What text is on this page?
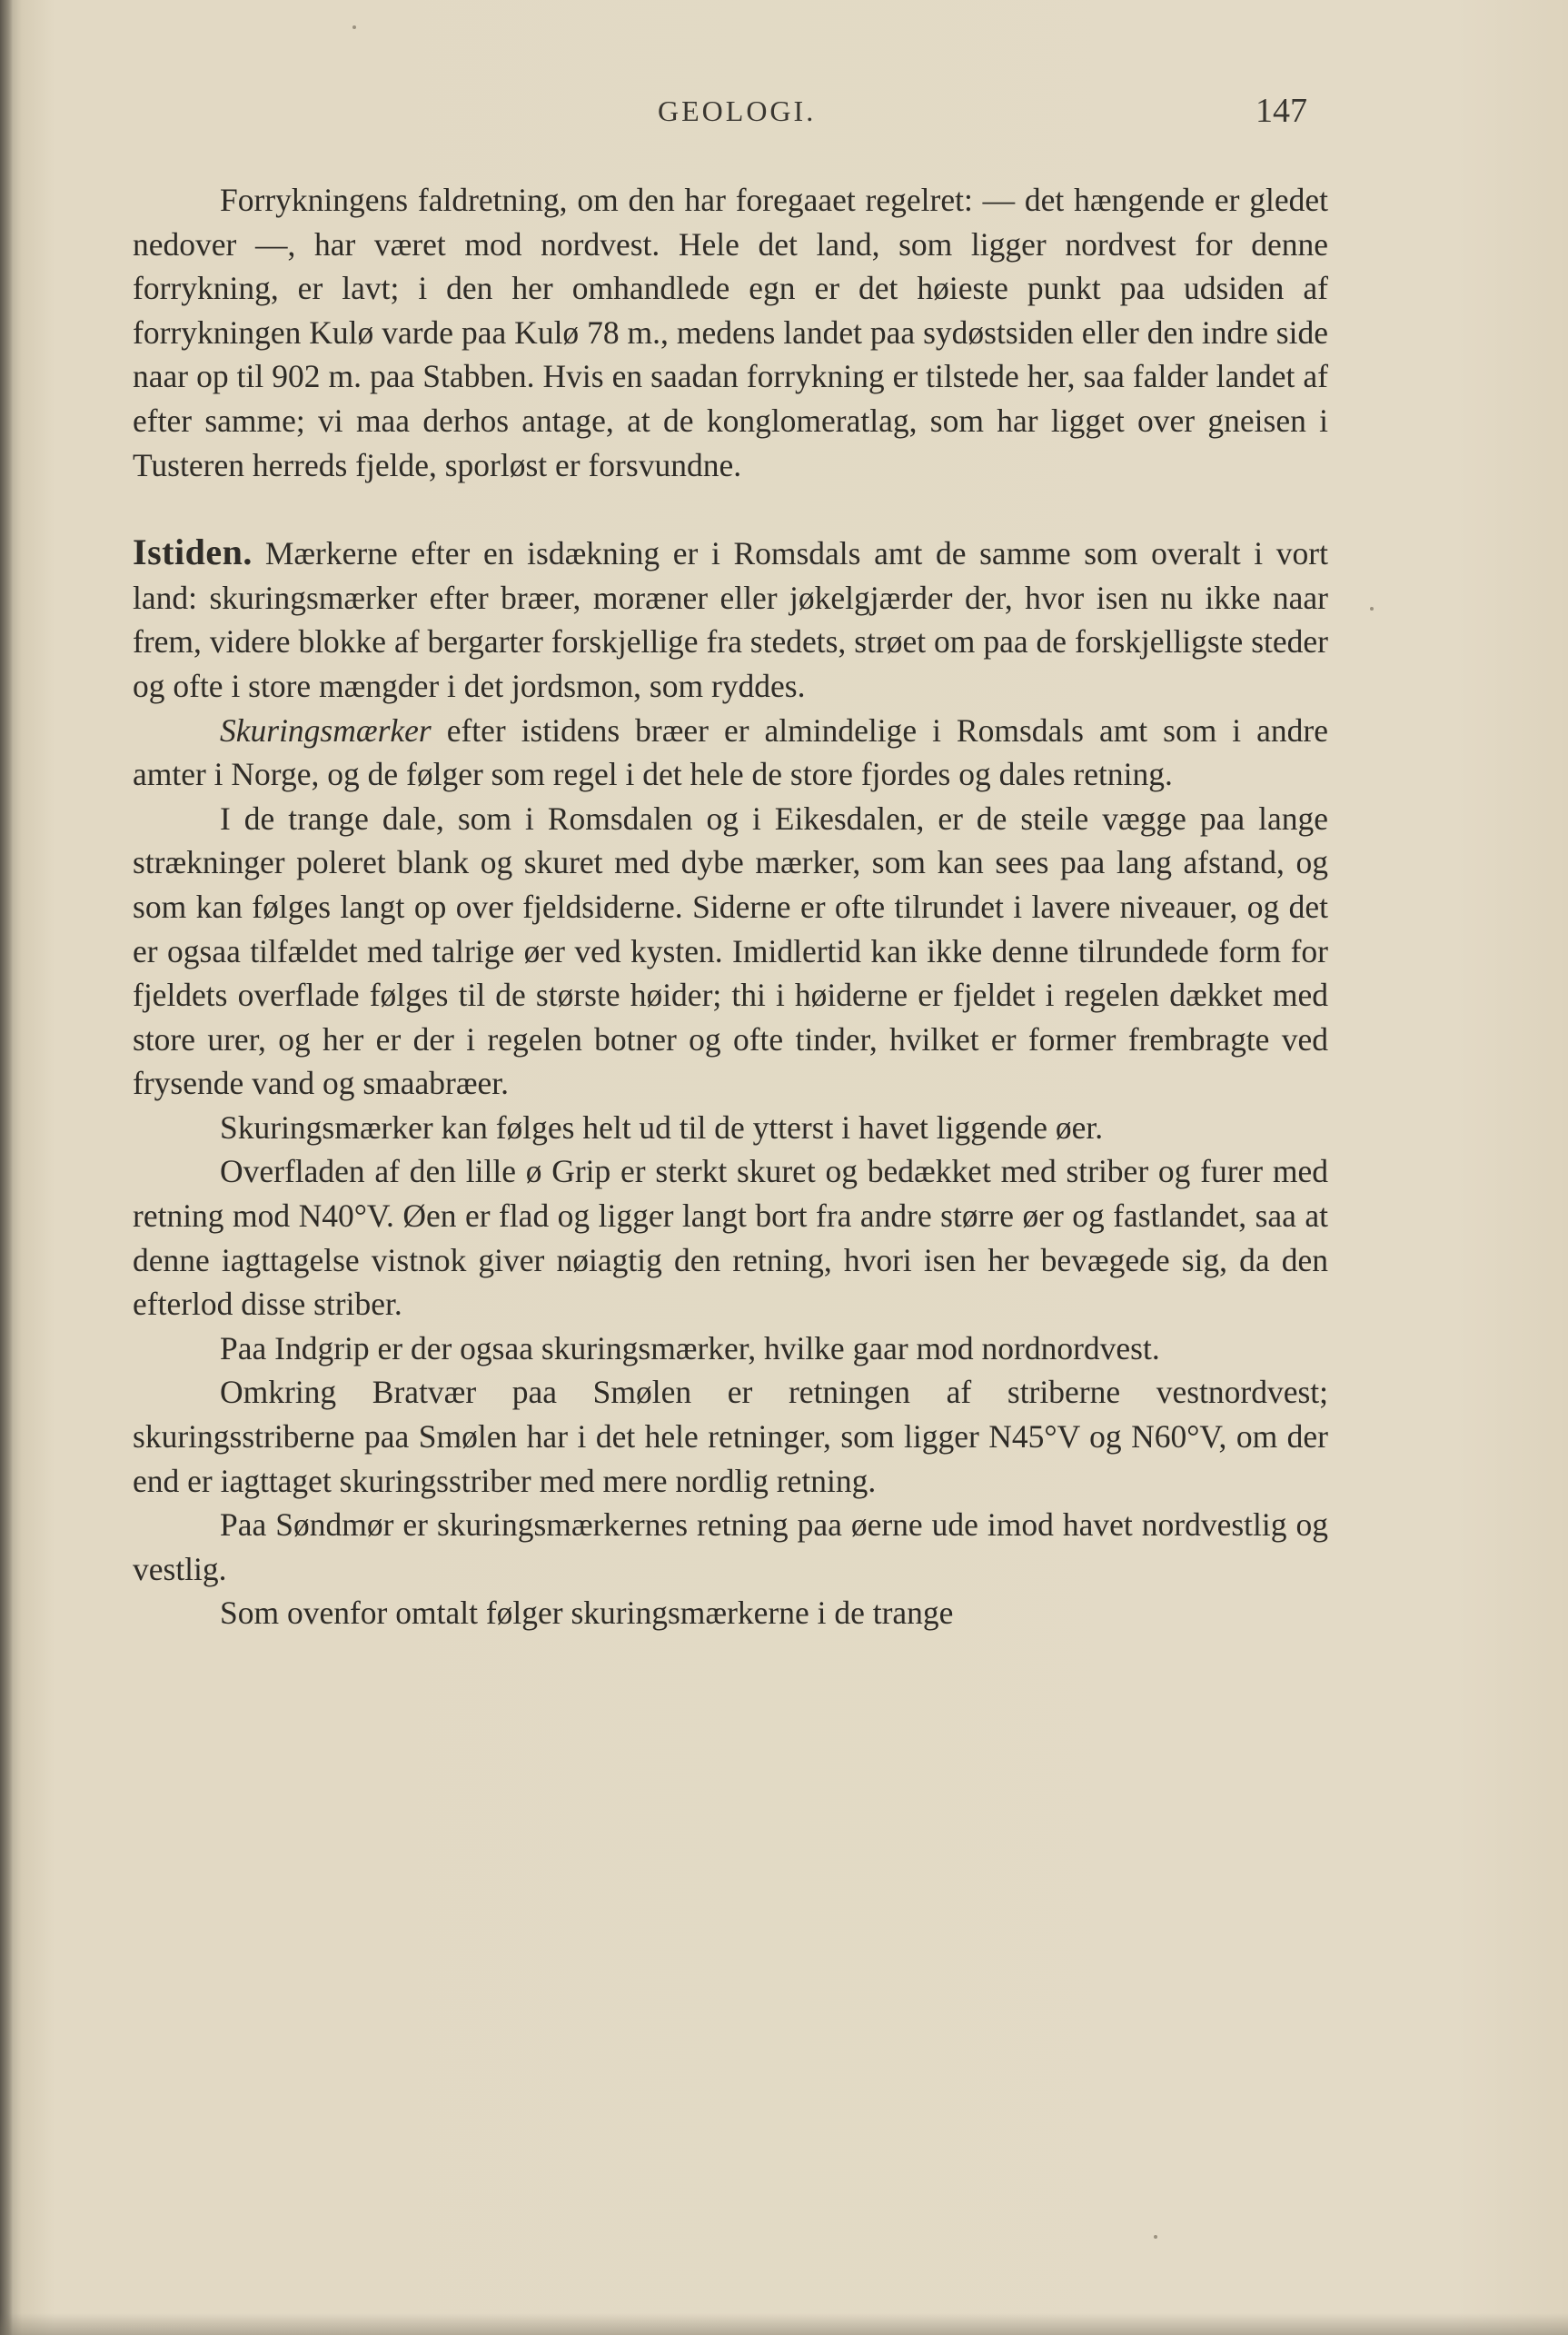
GEOLOGI.	147

Forrykningens faldretning, om den har foregaaet regelret: — det hængende er gledet nedover —, har været mod nordvest. Hele det land, som ligger nordvest for denne forrykning, er lavt; i den her omhandlede egn er det høieste punkt paa udsiden af forrykningen Kulø varde paa Kulø 78 m., medens landet paa sydøstsiden eller den indre side naar op til 902 m. paa Stabben. Hvis en saadan forrykning er tilstede her, saa falder landet af efter samme; vi maa derhos antage, at de konglomeratlag, som har ligget over gneisen i Tusteren herreds fjelde, sporløst er forsvundne.

Istiden. Mærkerne efter en isdækning er i Romsdals amt de samme som overalt i vort land: skuringsmærker efter bræer, moræner eller jøkelgjærder der, hvor isen nu ikke naar frem, videre blokke af bergarter forskjellige fra stedets, strøet om paa de forskjelligste steder og ofte i store mængder i det jordsmon, som ryddes.

Skuringsmærker efter istidens bræer er almindelige i Romsdals amt som i andre amter i Norge, og de følger som regel i det hele de store fjordes og dales retning.

I de trange dale, som i Romsdalen og i Eikesdalen, er de steile vægge paa lange strækninger poleret blank og skuret med dybe mærker, som kan sees paa lang afstand, og som kan følges langt op over fjeldsiderne. Siderne er ofte tilrundet i lavere niveauer, og det er ogsaa tilfældet med talrige øer ved kysten. Imidlertid kan ikke denne tilrundede form for fjeldets overflade følges til de største høider; thi i høiderne er fjeldet i regelen dækket med store urer, og her er der i regelen botner og ofte tinder, hvilket er former frembragte ved frysende vand og smaabræer.

Skuringsmærker kan følges helt ud til de ytterst i havet liggende øer.

Overfladen af den lille ø Grip er sterkt skuret og bedækket med striber og furer med retning mod N40°V. Øen er flad og ligger langt bort fra andre større øer og fastlandet, saa at denne iagttagelse vistnok giver nøiagtig den retning, hvori isen her bevægede sig, da den efterlod disse striber.

Paa Indgrip er der ogsaa skuringsmærker, hvilke gaar mod nordnordvest.

Omkring Bratvær paa Smølen er retningen af striberne vestnordvest; skuringsstriberne paa Smølen har i det hele retninger, som ligger N45°V og N60°V, om der end er iagttaget skuringsstriber med mere nordlig retning.

Paa Søndmør er skuringsmærkernes retning paa øerne ude imod havet nordvestlig og vestlig.

Som ovenfor omtalt følger skuringsmærkerne i de trange
